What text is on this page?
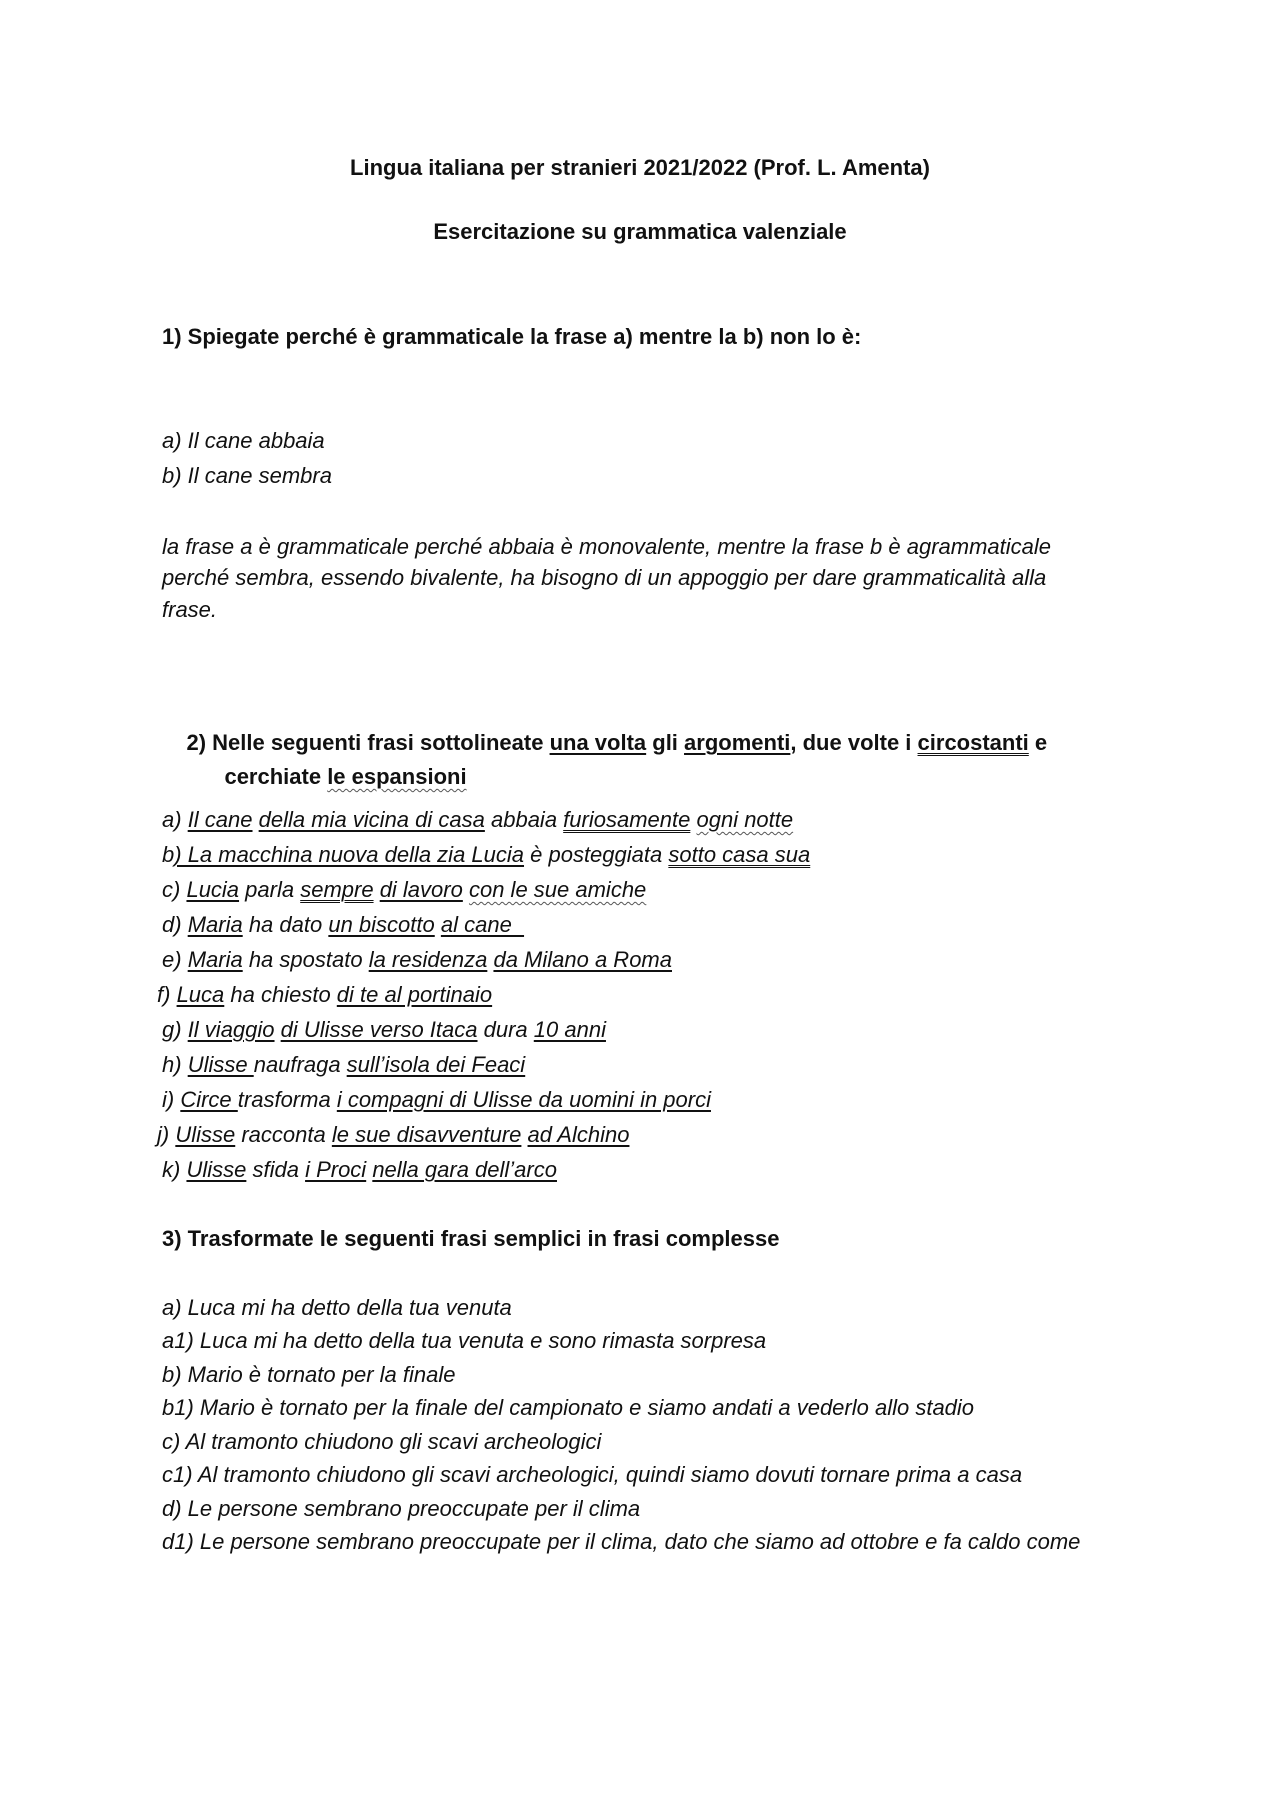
Lingua italiana per stranieri 2021/2022 (Prof. L. Amenta)
Esercitazione su grammatica valenziale
1) Spiegate perché è grammaticale la frase a) mentre la b) non lo è:
a) Il cane abbaia
b) Il cane sembra
la frase a è grammaticale perché abbaia è monovalente, mentre la frase b è agrammaticale
perché sembra, essendo bivalente, ha bisogno di un appoggio per dare grammaticalità alla
frase.

2) Nelle seguenti frasi sottolineate una volta gli argomenti, due volte i circostanti e

cerchiate le espansioni

a) Il cane della mia vicina di casa abbaia furiosamente ogni notte
b) La macchina nuova della zia Lucia è posteggiata sotto casa sua
c) Lucia parla sempre di lavoro con le sue amiche
d) Maria ha dato un biscotto al cane
e) Maria ha spostato la residenza da Milano a Roma
f) Luca ha chiesto di te al portinaio
g) Il viaggio di Ulisse verso Itaca dura 10 anni
h) Ulisse naufraga sull’isola dei Feaci
i) Circe trasforma i compagni di Ulisse da uomini in porci
j) Ulisse racconta le sue disavventure ad Alchino
k) Ulisse sfida i Proci nella gara dell’arco
3) Trasformate le seguenti frasi semplici in frasi complesse
a) Luca mi ha detto della tua venuta
a1) Luca mi ha detto della tua venuta e sono rimasta sorpresa
b) Mario è tornato per la finale
b1) Mario è tornato per la finale del campionato e siamo andati a vederlo allo stadio
c) Al tramonto chiudono gli scavi archeologici
c1) Al tramonto chiudono gli scavi archeologici, quindi siamo dovuti tornare prima a casa
d) Le persone sembrano preoccupate per il clima
d1) Le persone sembrano preoccupate per il clima, dato che siamo ad ottobre e fa caldo come
